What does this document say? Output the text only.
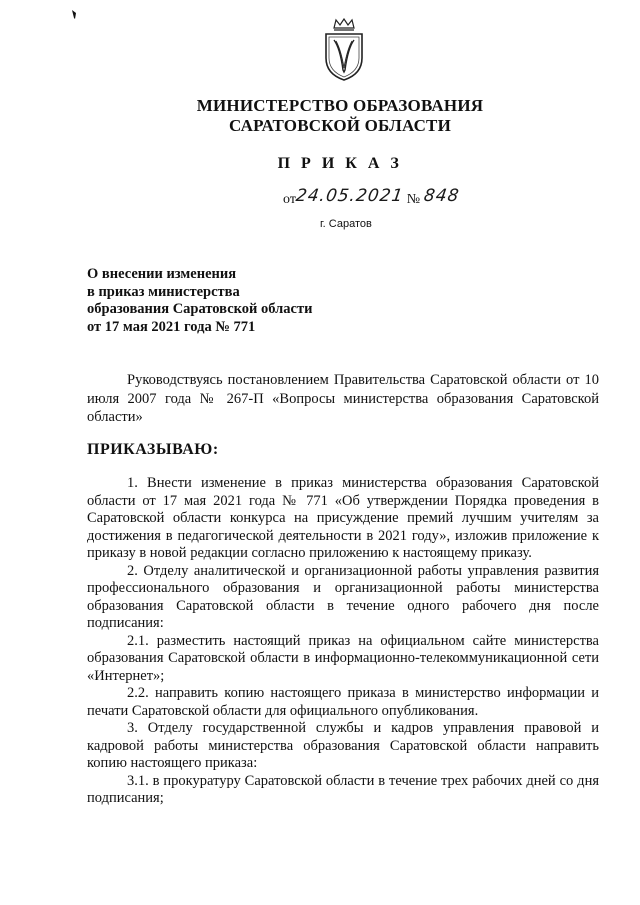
МИНИСТЕРСТВО ОБРАЗОВАНИЯ
САРАТОВСКОЙ ОБЛАСТИ
П Р И К А З
от24.05.2021 № 848
г. Саратов
О внесении изменения
в приказ министерства
образования Саратовской области
от 17 мая 2021 года № 771
Руководствуясь постановлением Правительства Саратовской области от 10 июля 2007 года № 267-П «Вопросы министерства образования Саратовской области»
ПРИКАЗЫВАЮ:

1. Внести изменение в приказ министерства образования Саратовской области от 17 мая 2021 года № 771 «Об утверждении Порядка проведения в Саратовской области конкурса на присуждение премий лучшим учителям за достижения в педагогической деятельности в 2021 году», изложив приложение к приказу в новой редакции согласно приложению к настоящему приказу.

2. Отделу аналитической и организационной работы управления развития профессионального образования и организационной работы министерства образования Саратовской области в течение одного рабочего дня после подписания:

2.1. разместить настоящий приказ на официальном сайте министерства образования Саратовской области в информационно-телекоммуникационной сети «Интернет»;

2.2. направить копию настоящего приказа в министерство информации и печати Саратовской области для официального опубликования.

3. Отделу государственной службы и кадров управления правовой и кадровой работы министерства образования Саратовской области направить копию настоящего приказа:

3.1. в прокуратуру Саратовской области в течение трех рабочих дней со дня подписания;
